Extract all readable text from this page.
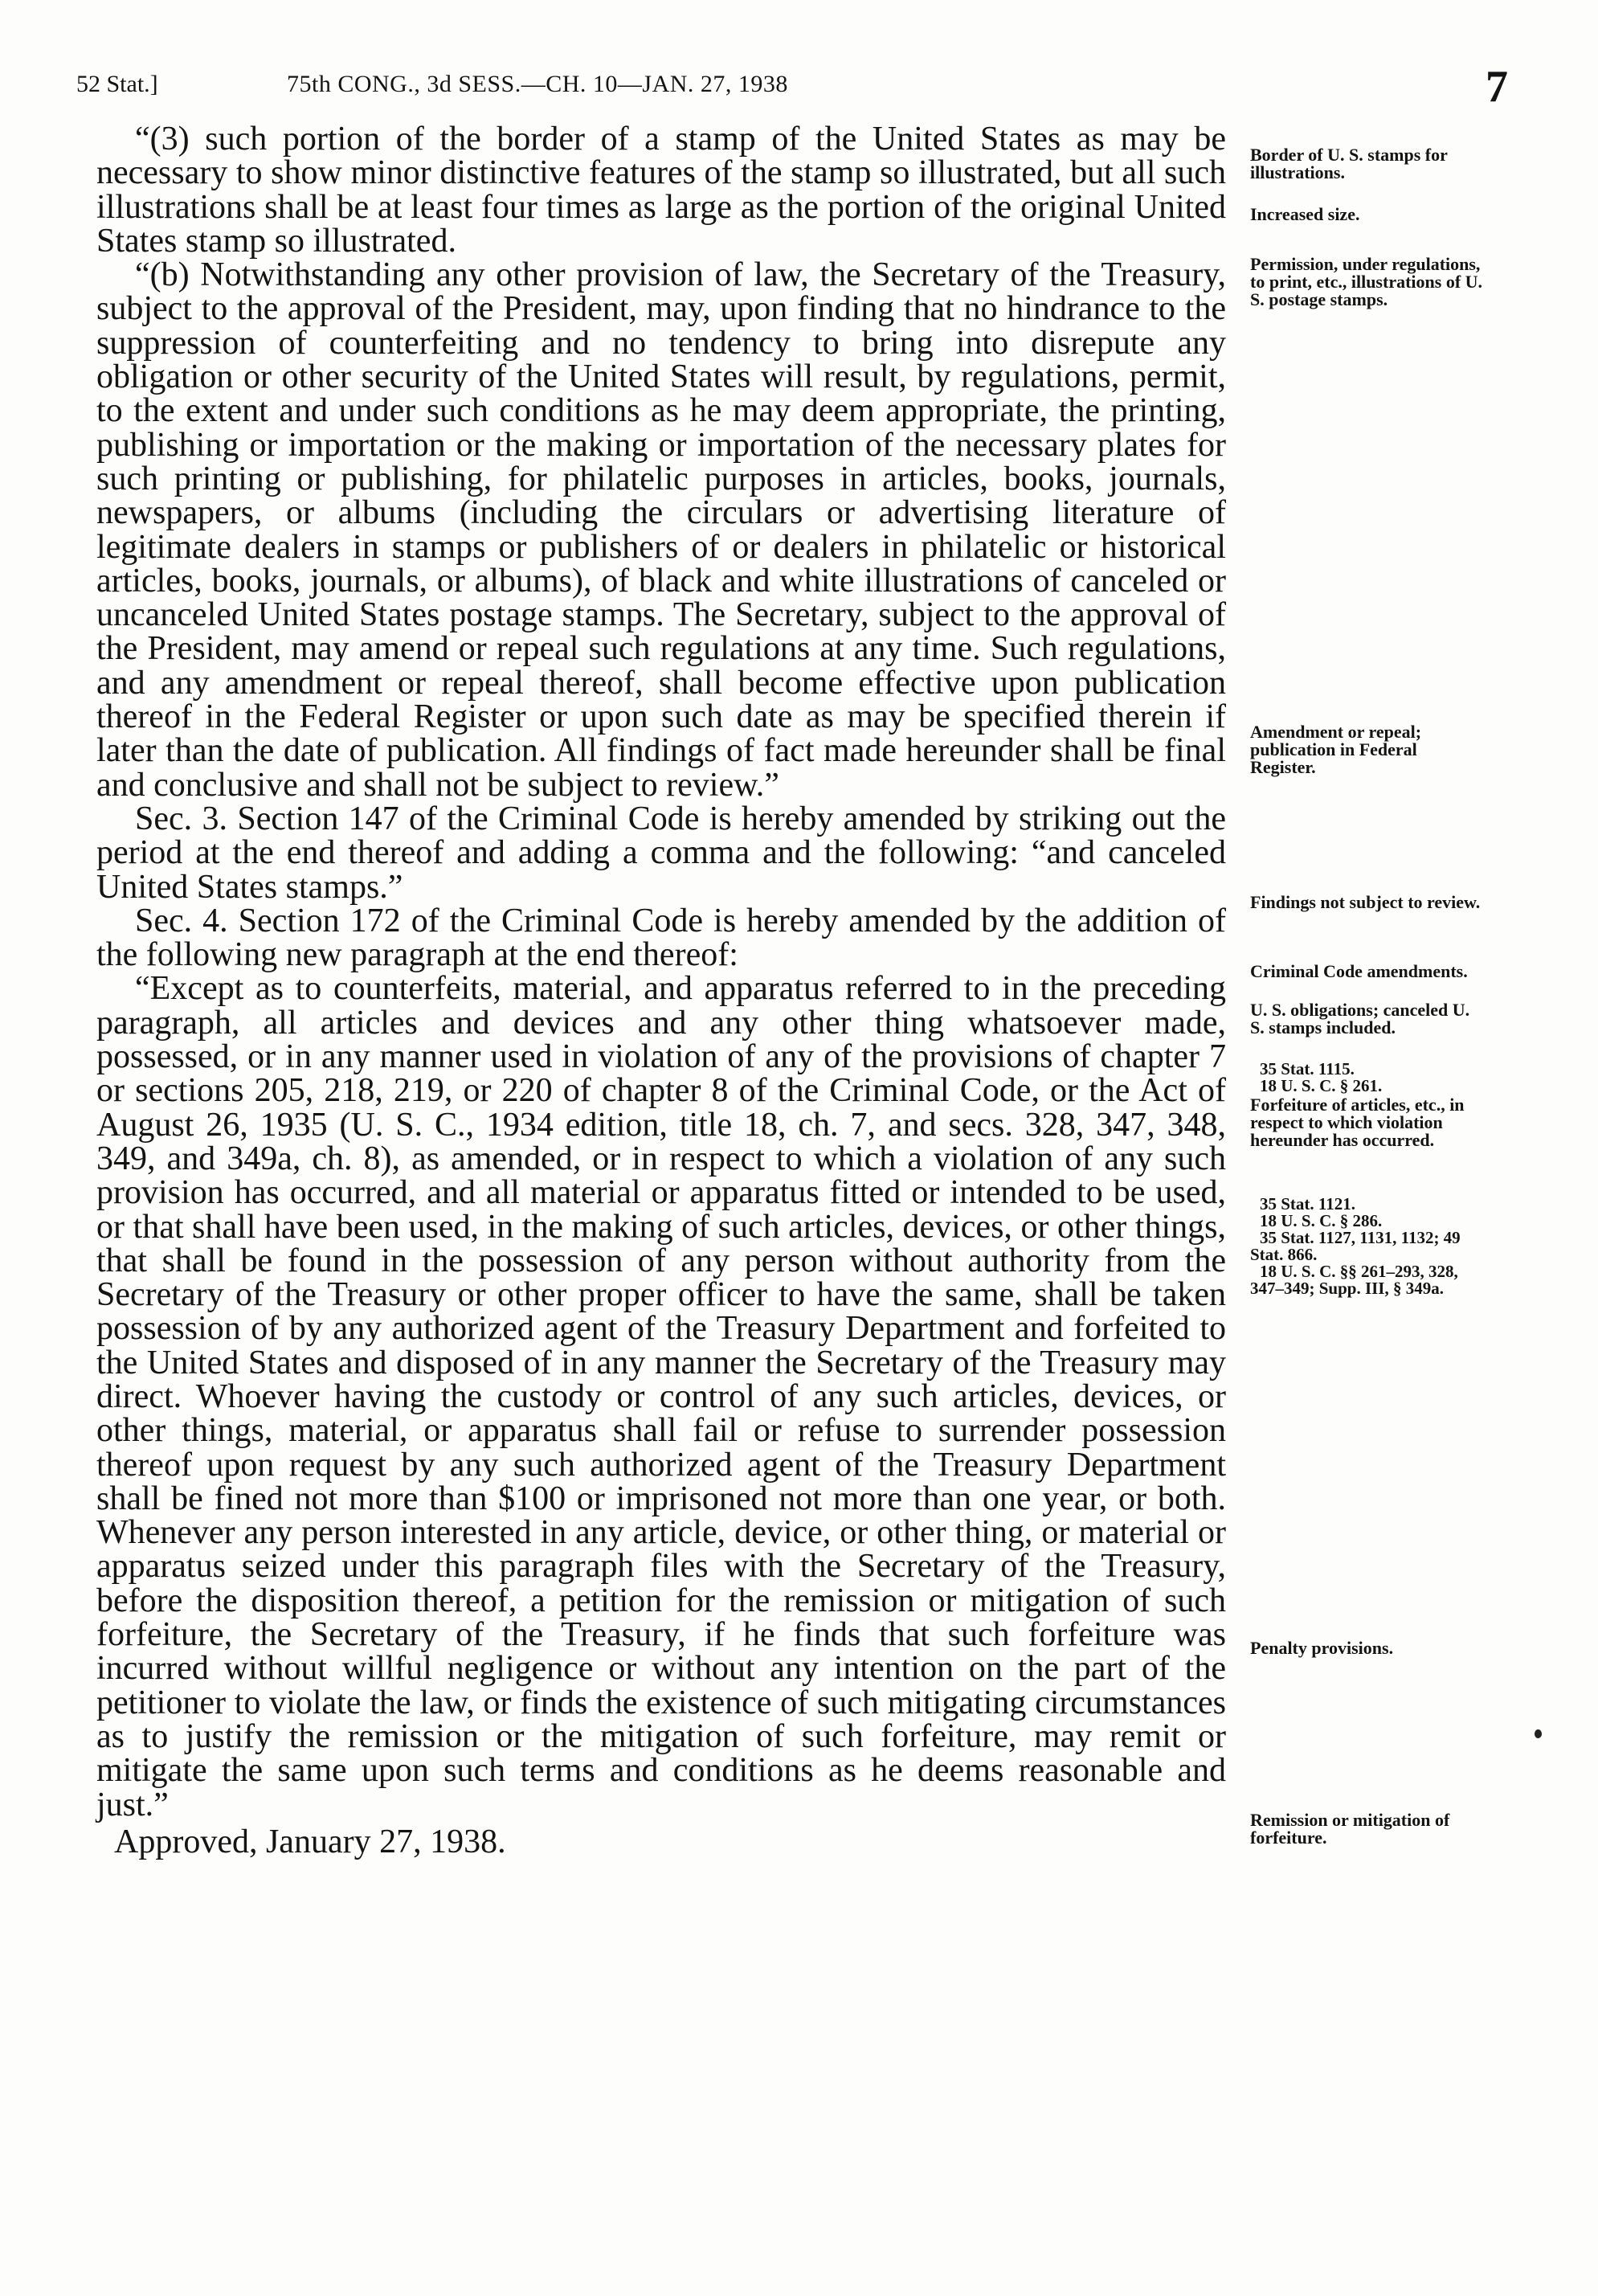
52 Stat.]	75th CONG., 3d SESS.—CH. 10—JAN. 27, 1938	7

“(3) such portion of the border of a stamp of the United States as may be necessary to show minor distinctive features of the stamp so illustrated, but all such illustrations shall be at least four times as large as the portion of the original United States stamp so illustrated.

“(b) Notwithstanding any other provision of law, the Secretary of the Treasury, subject to the approval of the President, may, upon finding that no hindrance to the suppression of counterfeiting and no tendency to bring into disrepute any obligation or other security of the United States will result, by regulations, permit, to the extent and under such conditions as he may deem appropriate, the printing, publishing or importation or the making or importation of the necessary plates for such printing or publishing, for philatelic purposes in articles, books, journals, newspapers, or albums (including the circulars or advertising literature of legitimate dealers in stamps or publishers of or dealers in philatelic or historical articles, books, journals, or albums), of black and white illustrations of canceled or uncanceled United States postage stamps. The Secretary, subject to the approval of the President, may amend or repeal such regulations at any time. Such regulations, and any amendment or repeal thereof, shall become effective upon publication thereof in the Federal Register or upon such date as may be specified therein if later than the date of publication. All findings of fact made hereunder shall be final and conclusive and shall not be subject to review.”

Sec. 3. Section 147 of the Criminal Code is hereby amended by striking out the period at the end thereof and adding a comma and the following: “and canceled United States stamps.”

Sec. 4. Section 172 of the Criminal Code is hereby amended by the addition of the following new paragraph at the end thereof:

“Except as to counterfeits, material, and apparatus referred to in the preceding paragraph, all articles and devices and any other thing whatsoever made, possessed, or in any manner used in violation of any of the provisions of chapter 7 or sections 205, 218, 219, or 220 of chapter 8 of the Criminal Code, or the Act of August 26, 1935 (U. S. C., 1934 edition, title 18, ch. 7, and secs. 328, 347, 348, 349, and 349a, ch. 8), as amended, or in respect to which a violation of any such provision has occurred, and all material or apparatus fitted or intended to be used, or that shall have been used, in the making of such articles, devices, or other things, that shall be found in the possession of any person without authority from the Secretary of the Treasury or other proper officer to have the same, shall be taken possession of by any authorized agent of the Treasury Department and forfeited to the United States and disposed of in any manner the Secretary of the Treasury may direct. Whoever having the custody or control of any such articles, devices, or other things, material, or apparatus shall fail or refuse to surrender possession thereof upon request by any such authorized agent of the Treasury Department shall be fined not more than $100 or imprisoned not more than one year, or both. Whenever any person interested in any article, device, or other thing, or material or apparatus seized under this paragraph files with the Secretary of the Treasury, before the disposition thereof, a petition for the remission or mitigation of such forfeiture, the Secretary of the Treasury, if he finds that such forfeiture was incurred without willful negligence or without any intention on the part of the petitioner to violate the law, or finds the existence of such mitigating circumstances as to justify the remission or the mitigation of such forfeiture, may remit or mitigate the same upon such terms and conditions as he deems reasonable and just.”

Approved, January 27, 1938.

Border of U. S. stamps for illustrations.
Increased size.
Permission, under regulations, to print, etc., illustrations of U. S. postage stamps.
Amendment or repeal; publication in Federal Register.
Findings not subject to review.
Criminal Code amendments.
U. S. obligations; canceled U. S. stamps included.

35 Stat. 1115.

18 U. S. C. § 261.

Forfeiture of articles, etc., in respect to which violation hereunder has occurred.

35 Stat. 1121.

18 U. S. C. § 286.

35 Stat. 1127, 1131, 1132; 49 Stat. 866.

18 U. S. C. §§ 261–293, 328, 347–349; Supp. III, § 349a.

Penalty provisions.
Remission or mitigation of forfeiture.
